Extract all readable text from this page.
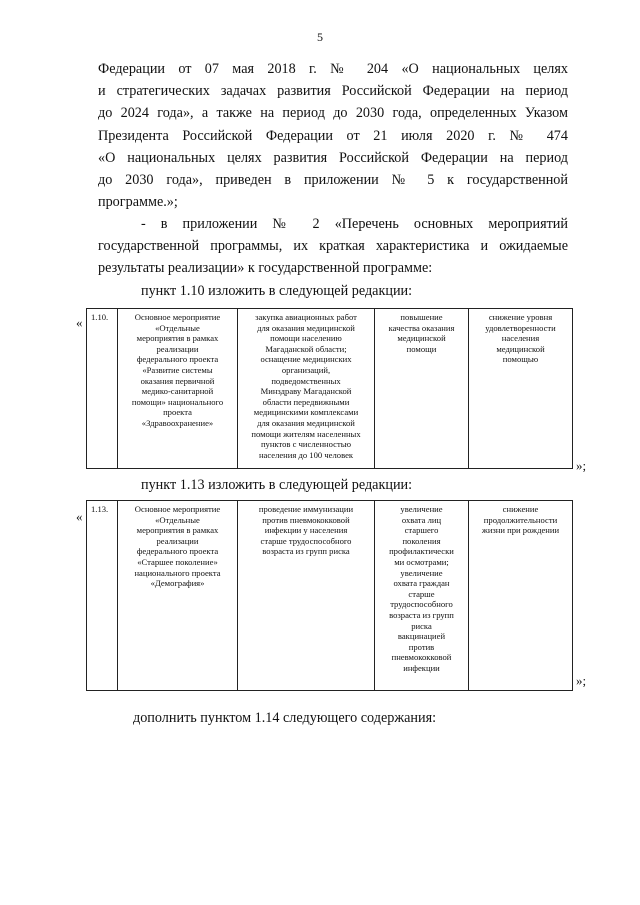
5
Федерации от 07 мая 2018 г. № 204 «О национальных целях
и стратегических задачах развития Российской Федерации на период
до 2024 года», а также на период до 2030 года, определенных Указом
Президента Российской Федерации от 21 июля 2020 г. № 474
«О национальных целях развития Российской Федерации на период
до 2030 года», приведен в приложении № 5 к государственной
программе.»;
- в приложении № 2 «Перечень основных мероприятий
государственной программы, их краткая характеристика и ожидаемые
результаты реализации» к государственной программе:
пункт 1.10 изложить в следующей редакции:
« 1.10.	Основное мероприятие
«Отдельные
мероприятия в рамках
реализации
федерального проекта
«Развитие системы
оказания первичной
медико-санитарной
помощи» национального
проекта
«Здравоохранение»

закупка авиационных работ
для оказания медицинской
помощи населению
Магаданской области;
оснащение медицинских
организаций,
подведомственных
Минздраву Магаданской
области передвижными
медицинскими комплексами
для оказания медицинской
помощи жителям населенных
пунктов с численностью
населения до 100 человек

повышение
качества оказания
медицинской
помощи

снижение уровня
удовлетворенности
населения
медицинской
помощью
»;
пункт 1.13 изложить в следующей редакции:
« 1.13.	Основное мероприятие
«Отдельные
мероприятия в рамках
реализации
федерального проекта
«Старшее поколение»
национального проекта
«Демография»

проведение иммунизации
против пневмококковой
инфекции у населения
старше трудоспособного
возраста из групп риска

увеличение
охвата лиц
старшего
поколения
профилактически
ми осмотрами;
увеличение
охвата граждан
старше
трудоспособного
возраста из групп
риска
вакцинацией
против
пневмококковой
инфекции

снижение
продолжительности
жизни при рождении
»;
дополнить пунктом 1.14 следующего содержания:
